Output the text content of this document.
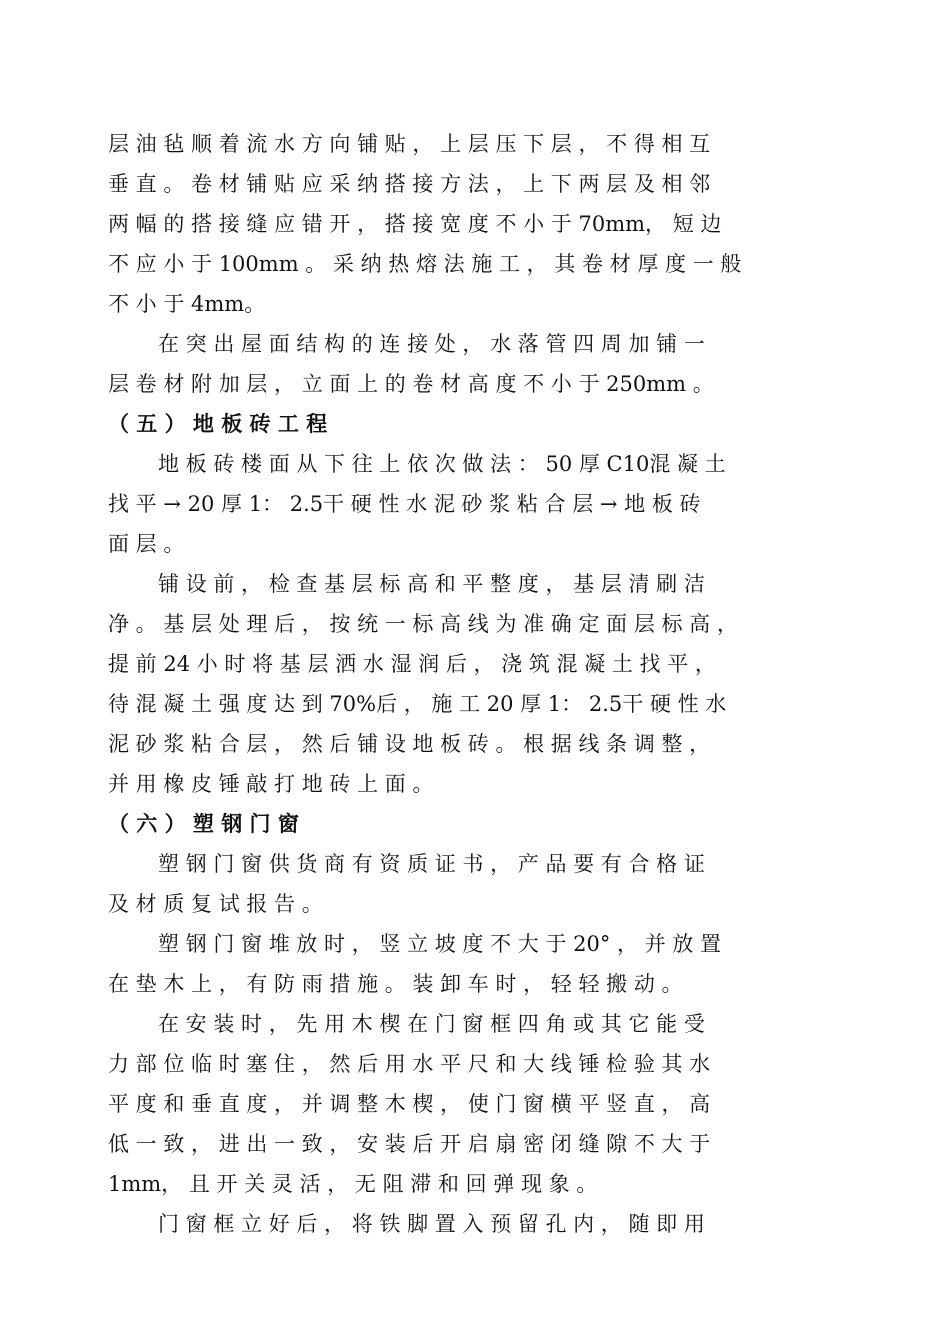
层 油 毡 顺 着 流 水 方 向 铺 贴 ， 上 层 压 下 层 ， 不 得 相 互
垂 直 。 卷 材 铺 贴 应 采 纳 搭 接 方 法 ， 上 下 两 层 及 相 邻
两 幅 的 搭 接 缝 应 错 开 ， 搭 接 宽 度 不 小 于 70mm， 短 边
不 应 小 于 100mm 。 采 纳 热 熔 法 施 工 ， 其 卷 材 厚 度 一 般
不 小 于 4mm。
在 突 出 屋 面 结 构 的 连 接 处 ， 水 落 管 四 周 加 铺 一
层 卷 材 附 加 层 ， 立 面 上 的 卷 材 高 度 不 小 于 250mm 。
（ 五 ） 地 板 砖 工 程
地 板 砖 楼 面 从 下 往 上 依 次 做 法 ： 50 厚 C10混 凝 土
找 平 → 20 厚 1： 2.5干 硬 性 水 泥 砂 浆 粘 合 层 → 地 板 砖
面 层 。
铺 设 前 ， 检 查 基 层 标 高 和 平 整 度 ， 基 层 清 刷 洁
净 。 基 层 处 理 后 ， 按 统 一 标 高 线 为 准 确 定 面 层 标 高 ，
提 前 24 小 时 将 基 层 洒 水 湿 润 后 ， 浇 筑 混 凝 土 找 平 ，
待 混 凝 土 强 度 达 到 70%后 ， 施 工 20 厚 1： 2.5干 硬 性 水
泥 砂 浆 粘 合 层 ， 然 后 铺 设 地 板 砖 。 根 据 线 条 调 整 ，
并 用 橡 皮 锤 敲 打 地 砖 上 面 。
（ 六 ） 塑 钢 门 窗
塑 钢 门 窗 供 货 商 有 资 质 证 书 ， 产 品 要 有 合 格 证
及 材 质 复 试 报 告 。
塑 钢 门 窗 堆 放 时 ， 竖 立 坡 度 不 大 于 20° ， 并 放 置
在 垫 木 上 ， 有 防 雨 措 施 。 装 卸 车 时 ， 轻 轻 搬 动 。
在 安 装 时 ， 先 用 木 楔 在 门 窗 框 四 角 或 其 它 能 受
力 部 位 临 时 塞 住 ， 然 后 用 水 平 尺 和 大 线 锤 检 验 其 水
平 度 和 垂 直 度 ， 并 调 整 木 楔 ， 使 门 窗 横 平 竖 直 ， 高
低 一 致 ， 进 出 一 致 ， 安 装 后 开 启 扇 密 闭 缝 隙 不 大 于
1mm， 且 开 关 灵 活 ， 无 阻 滞 和 回 弹 现 象 。
门 窗 框 立 好 后 ， 将 铁 脚 置 入 预 留 孔 内 ， 随 即 用
